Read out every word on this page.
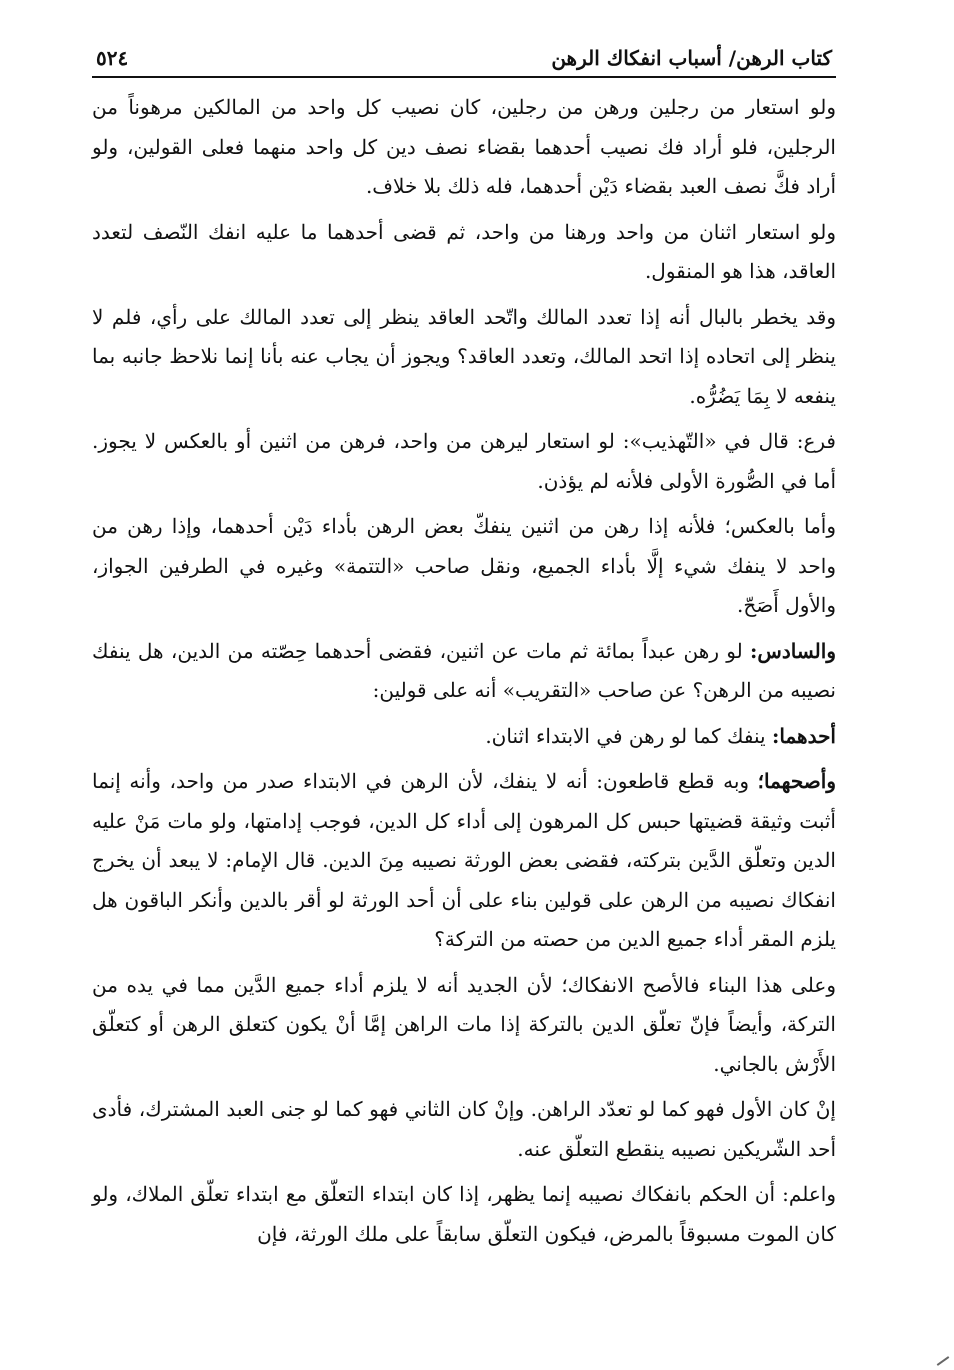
كتاب الرهن/ أسباب انفكاك الرهن
٥٢٤

ولو استعار من رجلين ورهن من رجلين، كان نصيب كل واحد من المالكين مرهوناً من الرجلين، فلو أراد فك نصيب أحدهما بقضاء نصف دين كل واحد منهما فعلى القولين، ولو أراد فكَّ نصف العبد بقضاء دَيْن أحدهما، فله ذلك بلا خلاف.

ولو استعار اثنان من واحد ورهنا من واحد، ثم قضى أحدهما ما عليه انفك النّصف لتعدد العاقد، هذا هو المنقول.

وقد يخطر بالبال أنه إذا تعدد المالك واتّحد العاقد ينظر إلى تعدد المالك على رأي، فلم لا ينظر إلى اتحاده إذا اتحد المالك، وتعدد العاقد؟ ويجوز أن يجاب عنه بأنا إنما نلاحظ جانبه بما ينفعه لا بِمَا يَضُرُّه.

فرع: قال في «التّهذيب»: لو استعار ليرهن من واحد، فرهن من اثنين أو بالعكس لا يجوز. أما في الصُّورة الأولى فلأنه لم يؤذن.

وأما بالعكس؛ فلأنه إذا رهن من اثنين ينفكّ بعض الرهن بأداء دَيْن أحدهما، وإذا رهن من واحد لا ينفك شيء إلَّا بأداء الجميع، ونقل صاحب «التتمة» وغيره في الطرفين الجواز، والأول أَصَحّ.

والسادس: لو رهن عبداً بمائة ثم مات عن اثنين، فقضى أحدهما حِصّته من الدين، هل ينفك نصيبه من الرهن؟ عن صاحب «التقريب» أنه على قولين:

أحدهما: ينفك كما لو رهن في الابتداء اثنان.

وأصحهما؛ وبه قطع قاطعون: أنه لا ينفك، لأن الرهن في الابتداء صدر من واحد، وأنه إنما أثبت وثيقة قضيتها حبس كل المرهون إلى أداء كل الدين، فوجب إدامتها، ولو مات مَنْ عليه الدين وتعلّق الدَّين بتركته، فقضى بعض الورثة نصيبه مِنَ الدين. قال الإمام: لا يبعد أن يخرج انفكاك نصيبه من الرهن على قولين بناء على أن أحد الورثة لو أقر بالدين وأنكر الباقون هل يلزم المقر أداء جميع الدين من حصته من التركة؟

وعلى هذا البناء فالأصح الانفكاك؛ لأن الجديد أنه لا يلزم أداء جميع الدَّين مما في يده من التركة، وأيضاً فإنّ تعلّق الدين بالتركة إذا مات الراهن إمَّا أنْ يكون كتعلق الرهن أو كتعلّق الأَرْش بالجاني.

إنْ كان الأول فهو كما لو تعدّد الراهن. وإنْ كان الثاني فهو كما لو جنى العبد المشترك، فأدى أحد الشّريكين نصيبه ينقطع التعلّق عنه.

واعلم: أن الحكم بانفكاك نصيبه إنما يظهر، إذا كان ابتداء التعلّق مع ابتداء تعلّق الملاك، ولو كان الموت مسبوقاً بالمرض، فيكون التعلّق سابقاً على ملك الورثة، فإن
